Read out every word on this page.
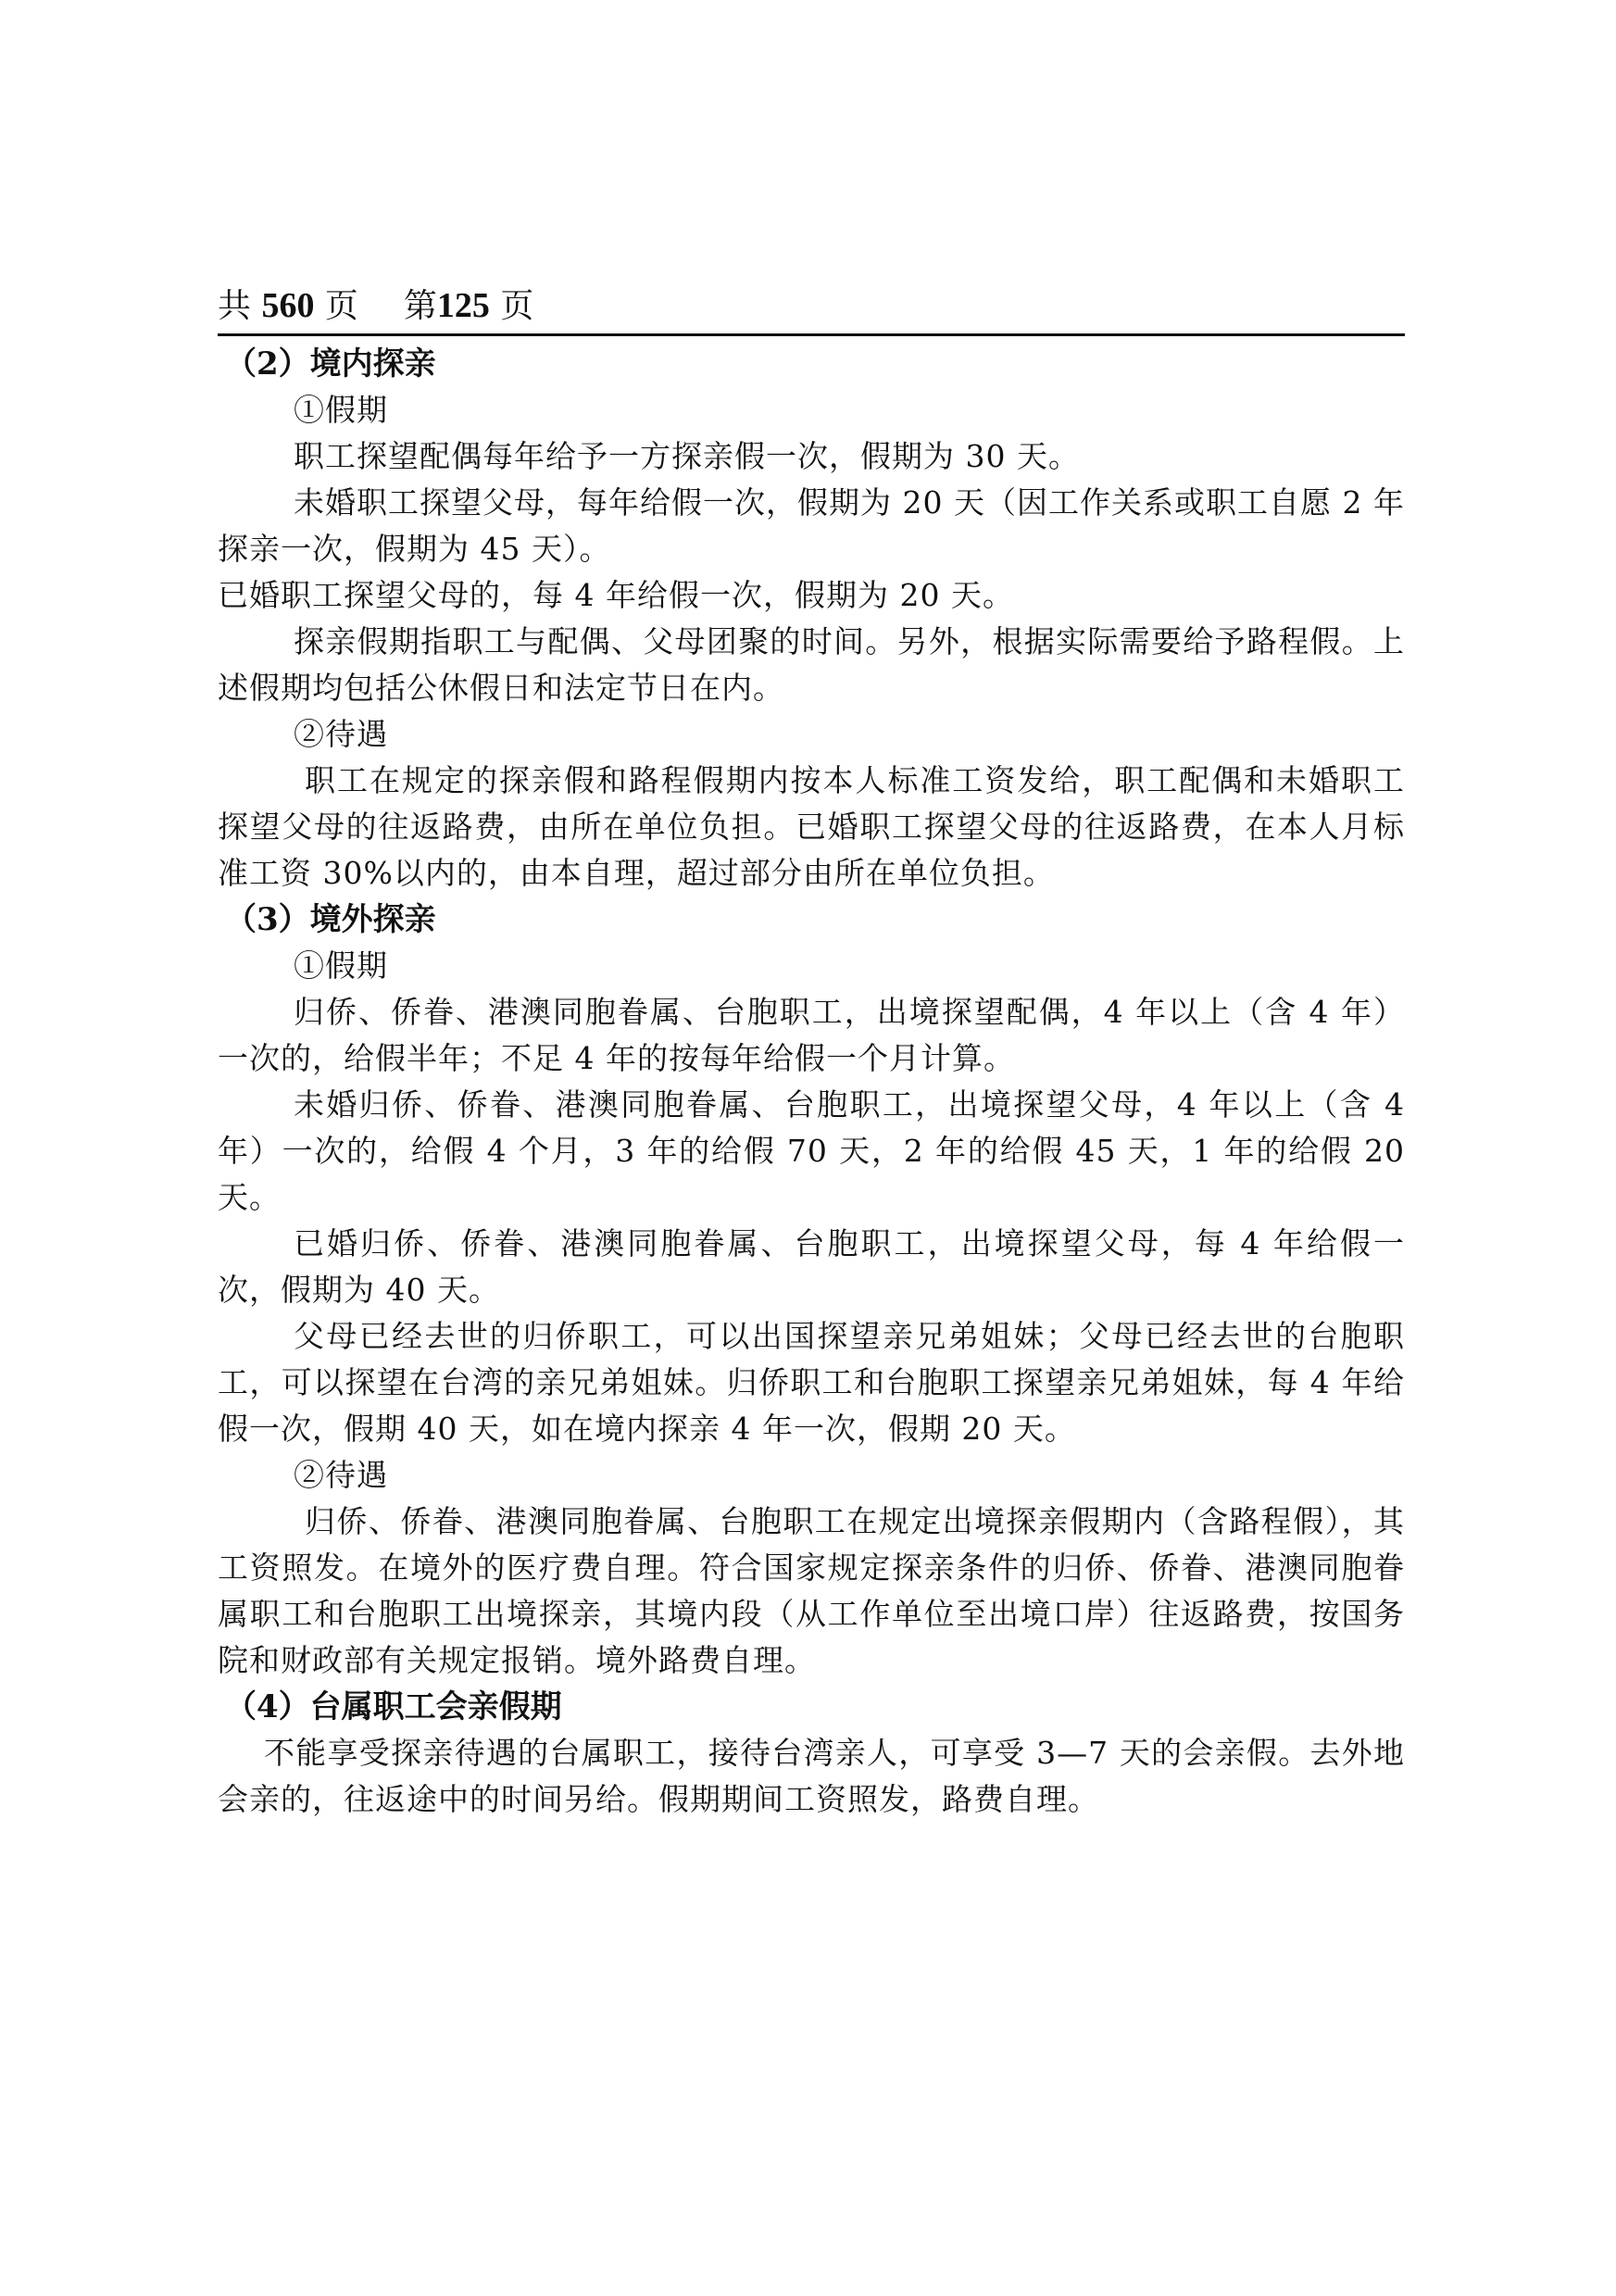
共 560 页 第125 页
（2）境内探亲

①假期

职工探望配偶每年给予一方探亲假一次，假期为 30 天。

未婚职工探望父母，每年给假一次，假期为 20 天（因工作关系或职工自愿 2 年探亲一次，假期为 45 天）。

已婚职工探望父母的，每 4 年给假一次，假期为 20 天。

探亲假期指职工与配偶、父母团聚的时间。另外，根据实际需要给予路程假。上述假期均包括公休假日和法定节日在内。

②待遇

职工在规定的探亲假和路程假期内按本人标准工资发给，职工配偶和未婚职工探望父母的往返路费，由所在单位负担。已婚职工探望父母的往返路费，在本人月标准工资 30%以内的，由本自理，超过部分由所在单位负担。

（3）境外探亲

①假期

归侨、侨眷、港澳同胞眷属、台胞职工，出境探望配偶，4 年以上（含 4 年）一次的，给假半年；不足 4 年的按每年给假一个月计算。

未婚归侨、侨眷、港澳同胞眷属、台胞职工，出境探望父母，4 年以上（含 4 年）一次的，给假 4 个月，3 年的给假 70 天，2 年的给假 45 天，1 年的给假 20 天。

已婚归侨、侨眷、港澳同胞眷属、台胞职工，出境探望父母，每 4 年给假一次，假期为 40 天。

父母已经去世的归侨职工，可以出国探望亲兄弟姐妹；父母已经去世的台胞职工，可以探望在台湾的亲兄弟姐妹。归侨职工和台胞职工探望亲兄弟姐妹，每 4 年给假一次，假期 40 天，如在境内探亲 4 年一次，假期 20 天。

②待遇

归侨、侨眷、港澳同胞眷属、台胞职工在规定出境探亲假期内（含路程假），其工资照发。在境外的医疗费自理。符合国家规定探亲条件的归侨、侨眷、港澳同胞眷属职工和台胞职工出境探亲，其境内段（从工作单位至出境口岸）往返路费，按国务院和财政部有关规定报销。境外路费自理。

（4）台属职工会亲假期

不能享受探亲待遇的台属职工，接待台湾亲人，可享受 3—7 天的会亲假。去外地会亲的，往返途中的时间另给。假期期间工资照发，路费自理。
